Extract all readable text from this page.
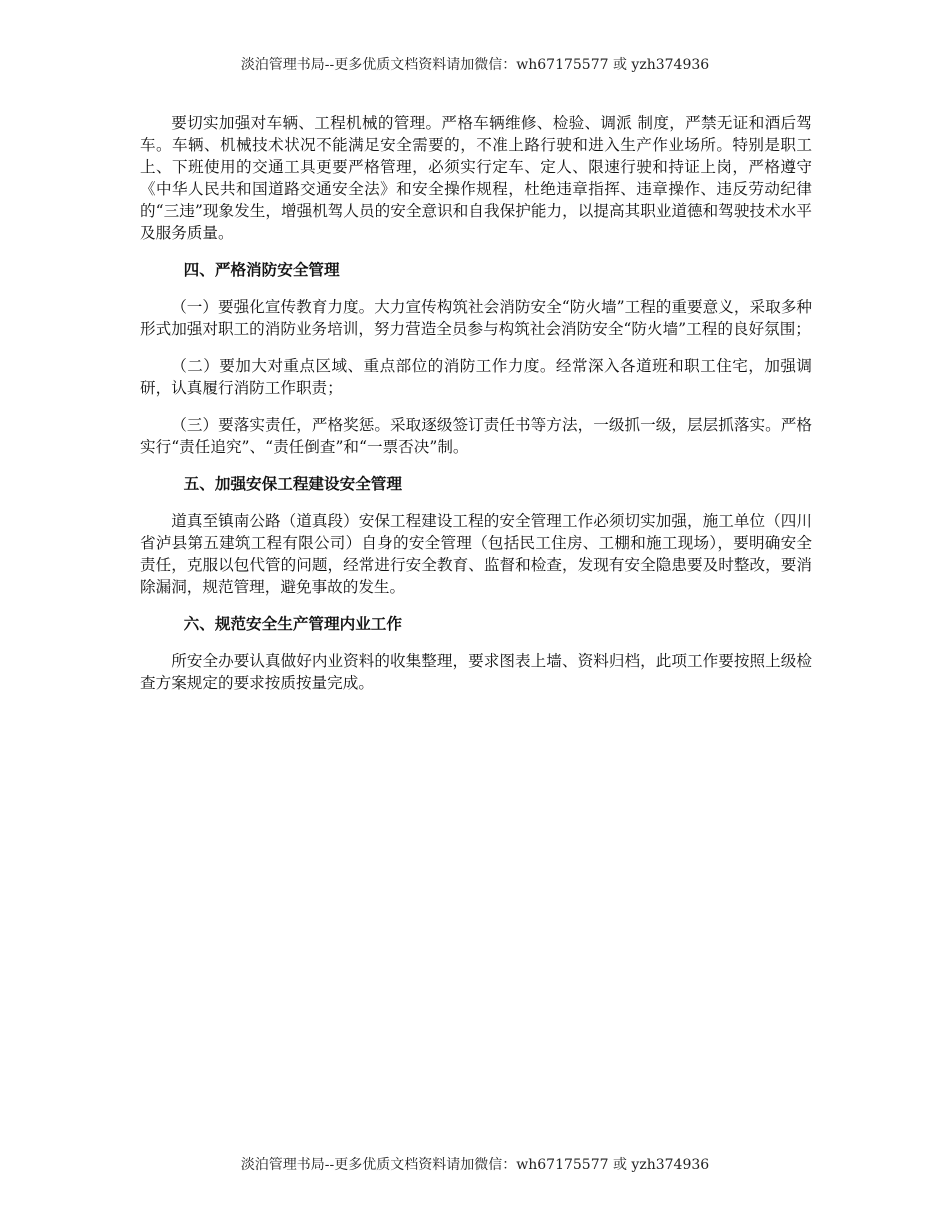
淡泊管理书局--更多优质文档资料请加微信：wh67175577 或 yzh374936

要切实加强对车辆、工程机械的管理。严格车辆维修、检验、调派 制度，严禁无证和酒后驾车。车辆、机械技术状况不能满足安全需要的，不准上路行驶和进入生产作业场所。特别是职工上、下班使用的交通工具更要严格管理，必须实行定车、定人、限速行驶和持证上岗，严格遵守《中华人民共和国道路交通安全法》和安全操作规程，杜绝违章指挥、违章操作、违反劳动纪律的“三违”现象发生，增强机驾人员的安全意识和自我保护能力，以提高其职业道德和驾驶技术水平及服务质量。

四、严格消防安全管理

（一）要强化宣传教育力度。大力宣传构筑社会消防安全“防火墙”工程的重要意义，采取多种形式加强对职工的消防业务培训，努力营造全员参与构筑社会消防安全“防火墙”工程的良好氛围；

（二）要加大对重点区域、重点部位的消防工作力度。经常深入各道班和职工住宅，加强调研，认真履行消防工作职责；

（三）要落实责任，严格奖惩。采取逐级签订责任书等方法，一级抓一级，层层抓落实。严格实行“责任追究”、“责任倒查”和“一票否决”制。

五、加强安保工程建设安全管理

道真至镇南公路（道真段）安保工程建设工程的安全管理工作必须切实加强，施工单位（四川省泸县第五建筑工程有限公司）自身的安全管理（包括民工住房、工棚和施工现场），要明确安全责任，克服以包代管的问题，经常进行安全教育、监督和检查，发现有安全隐患要及时整改，要消除漏洞，规范管理，避免事故的发生。

六、规范安全生产管理内业工作

所安全办要认真做好内业资料的收集整理，要求图表上墙、资料归档，此项工作要按照上级检查方案规定的要求按质按量完成。

淡泊管理书局--更多优质文档资料请加微信：wh67175577 或 yzh374936
